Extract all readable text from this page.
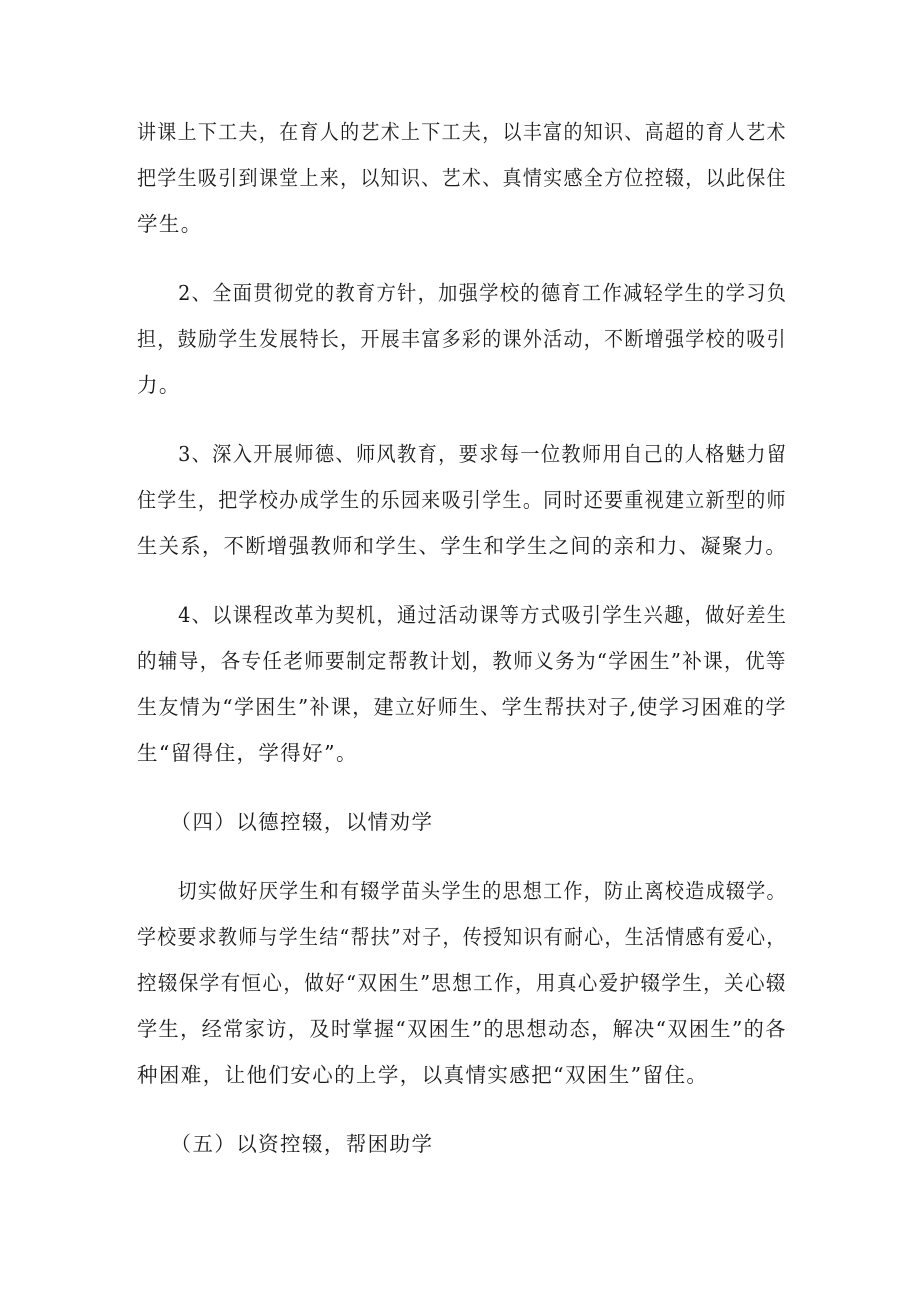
讲课上下工夫，在育人的艺术上下工夫，以丰富的知识、高超的育人艺术
把学生吸引到课堂上来，以知识、艺术、真情实感全方位控辍，以此保住
学生。
　　2、全面贯彻党的教育方针，加强学校的德育工作减轻学生的学习负
担，鼓励学生发展特长，开展丰富多彩的课外活动，不断增强学校的吸引
力。
　　3、深入开展师德、师风教育，要求每一位教师用自己的人格魅力留
住学生，把学校办成学生的乐园来吸引学生。同时还要重视建立新型的师
生关系，不断增强教师和学生、学生和学生之间的亲和力、凝聚力。
　　4、以课程改革为契机，通过活动课等方式吸引学生兴趣，做好差生
的辅导，各专任老师要制定帮教计划，教师义务为“学困生”补课，优等
生友情为“学困生”补课，建立好师生、学生帮扶对子,使学习困难的学
生“留得住，学得好”。
　　（四）以德控辍，以情劝学
　　切实做好厌学生和有辍学苗头学生的思想工作，防止离校造成辍学。
学校要求教师与学生结“帮扶”对子，传授知识有耐心，生活情感有爱心，
控辍保学有恒心，做好“双困生”思想工作，用真心爱护辍学生，关心辍
学生，经常家访，及时掌握“双困生”的思想动态，解决“双困生”的各
种困难，让他们安心的上学，以真情实感把“双困生”留住。
　　（五）以资控辍，帮困助学
